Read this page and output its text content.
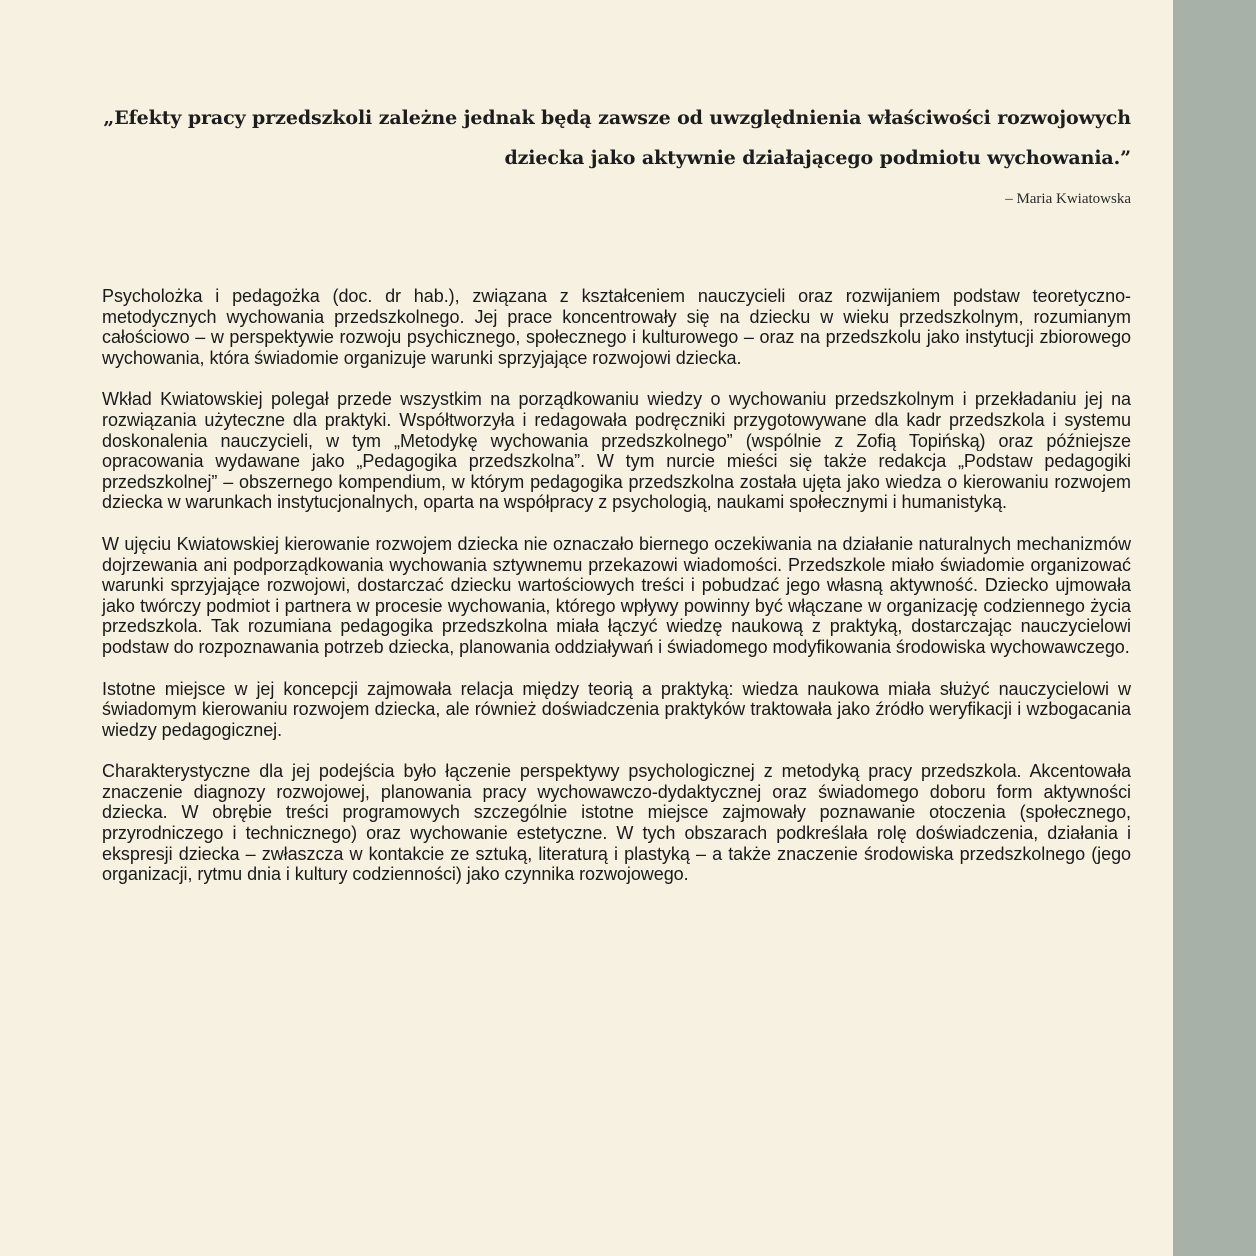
„Efekty pracy przedszkoli zależne jednak będą zawsze od uwzględnienia właściwości rozwojowych dziecka jako aktywnie działającego podmiotu wychowania.”

– Maria Kwiatowska

Psycholożka i pedagożka (doc. dr hab.), związana z kształceniem nauczycieli oraz rozwijaniem podstaw teoretyczno-metodycznych wychowania przedszkolnego. Jej prace koncentrowały się na dziecku w wieku przedszkolnym, rozumianym całościowo – w perspektywie rozwoju psychicznego, społecznego i kulturowego – oraz na przedszkolu jako instytucji zbiorowego wychowania, która świadomie organizuje warunki sprzyjające rozwojowi dziecka.

Wkład Kwiatowskiej polegał przede wszystkim na porządkowaniu wiedzy o wychowaniu przedszkolnym i przekładaniu jej na rozwiązania użyteczne dla praktyki. Współtworzyła i redagowała podręczniki przygotowywane dla kadr przedszkola i systemu doskonalenia nauczycieli, w tym „Metodykę wychowania przedszkolnego” (wspólnie z Zofią Topińską) oraz późniejsze opracowania wydawane jako „Pedagogika przedszkolna”. W tym nurcie mieści się także redakcja „Podstaw pedagogiki przedszkolnej” – obszernego kompendium, w którym pedagogika przedszkolna została ujęta jako wiedza o kierowaniu rozwojem dziecka w warunkach instytucjonalnych, oparta na współpracy z psychologią, naukami społecznymi i humanistyką.

W ujęciu Kwiatowskiej kierowanie rozwojem dziecka nie oznaczało biernego oczekiwania na działanie naturalnych mechanizmów dojrzewania ani podporządkowania wychowania sztywnemu przekazowi wiadomości. Przedszkole miało świadomie organizować warunki sprzyjające rozwojowi, dostarczać dziecku wartościowych treści i pobudzać jego własną aktywność. Dziecko ujmowała jako twórczy podmiot i partnera w procesie wychowania, którego wpływy powinny być włączane w organizację codziennego życia przedszkola. Tak rozumiana pedagogika przedszkolna miała łączyć wiedzę naukową z praktyką, dostarczając nauczycielowi podstaw do rozpoznawania potrzeb dziecka, planowania oddziaływań i świadomego modyfikowania środowiska wychowawczego.

Istotne miejsce w jej koncepcji zajmowała relacja między teorią a praktyką: wiedza naukowa miała służyć nauczycielowi w świadomym kierowaniu rozwojem dziecka, ale również doświadczenia praktyków traktowała jako źródło weryfikacji i wzbogacania wiedzy pedagogicznej.

Charakterystyczne dla jej podejścia było łączenie perspektywy psychologicznej z metodyką pracy przedszkola. Akcentowała znaczenie diagnozy rozwojowej, planowania pracy wychowawczo-dydaktycznej oraz świadomego doboru form aktywności dziecka. W obrębie treści programowych szczególnie istotne miejsce zajmowały poznawanie otoczenia (społecznego, przyrodniczego i technicznego) oraz wychowanie estetyczne. W tych obszarach podkreślała rolę doświadczenia, działania i ekspresji dziecka – zwłaszcza w kontakcie ze sztuką, literaturą i plastyką – a także znaczenie środowiska przedszkolnego (jego organizacji, rytmu dnia i kultury codzienności) jako czynnika rozwojowego.
